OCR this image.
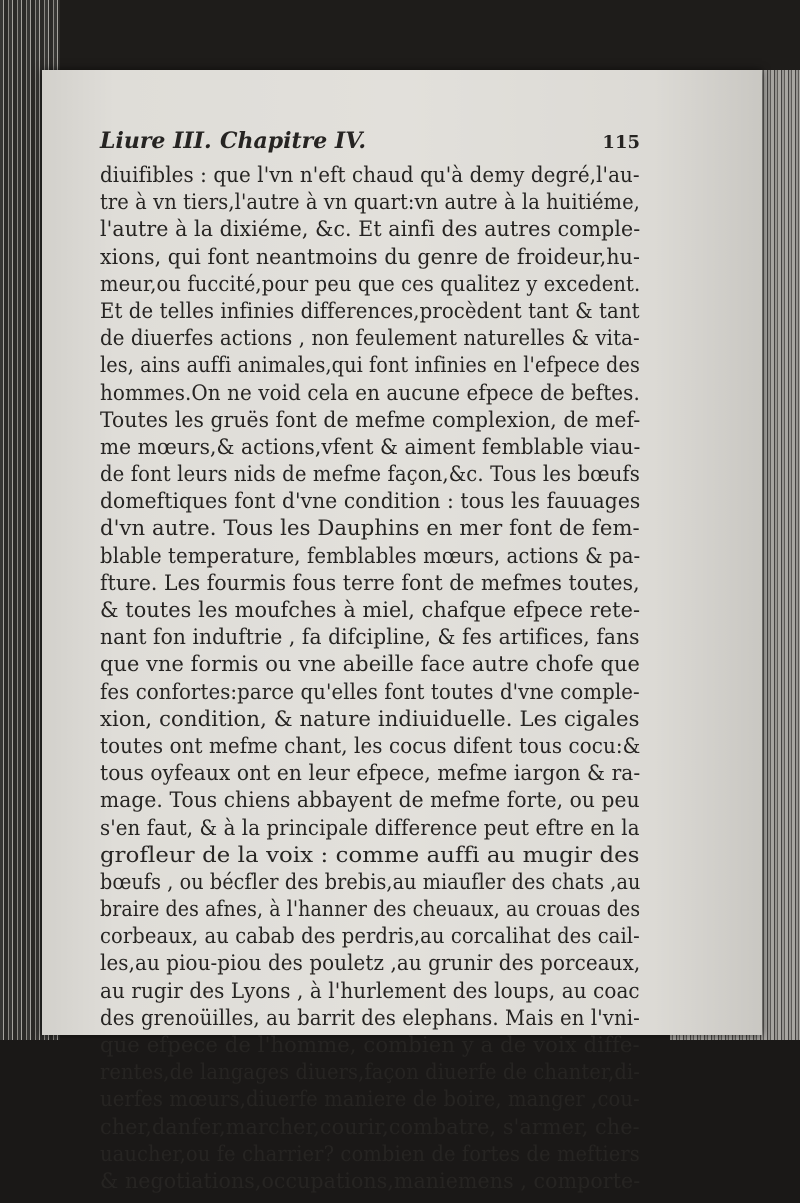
Liure III. Chapitre IV.	115
diuifibles : que l'vn n'eft chaud qu'à demy degré,l'au-
tre à vn tiers,l'autre à vn quart:vn autre à la huitiéme,
l'autre à la dixiéme, &c. Et ainfi des autres comple-
xions, qui font neantmoins du genre de froideur,hu-
meur,ou fuccité,pour peu que ces qualitez y excedent.
Et de telles infinies differences,procèdent tant & tant
de diuerfes actions , non feulement naturelles & vita-
les, ains auffi animales,qui font infinies en l'efpece des
hommes.On ne void cela en aucune efpece de beftes.
Toutes les gruës font de mefme complexion, de mef-
me mœurs,& actions,vfent & aiment femblable viau-
de font leurs nids de mefme façon,&c. Tous les bœufs
domeftiques font d'vne condition : tous les fauuages
d'vn autre. Tous les Dauphins en mer font de fem-
blable temperature, femblables mœurs, actions & pa-
fture. Les fourmis fous terre font de mefmes toutes,
& toutes les moufches à miel, chafque efpece rete-
nant fon induftrie , fa difcipline, & fes artifices, fans
que vne formis ou vne abeille face autre chofe que
fes confortes:parce qu'elles font toutes d'vne comple-
xion, condition, & nature indiuiduelle. Les cigales
toutes ont mefme chant, les cocus difent tous cocu:&
tous oyfeaux ont en leur efpece, mefme iargon & ra-
mage. Tous chiens abbayent de mefme forte, ou peu
s'en faut, & à la principale difference peut eftre en la
grofleur de la voix : comme auffi au mugir des
bœufs , ou bécfler des brebis,au miaufler des chats ,au
braire des afnes, à l'hanner des cheuaux, au crouas des
corbeaux, au cabab des perdris,au corcalihat des cail-
les,au piou-piou des pouletz ,au grunir des porceaux,
au rugir des Lyons , à l'hurlement des loups, au coac
des grenoüilles, au barrit des elephans. Mais en l'vni-
que efpece de l'homme, combien y a de voix diffe-
rentes,de langages diuers,façon diuerfe de chanter,di-
uerfes mœurs,diuerfe maniere de boire, manger ,cou-
cher,danfer,marcher,courir,combatre, s'armer, che-
uaucher,ou fe charrier? combien de fortes de meftiers
& negotiations,occupations,maniemens , comporte-
